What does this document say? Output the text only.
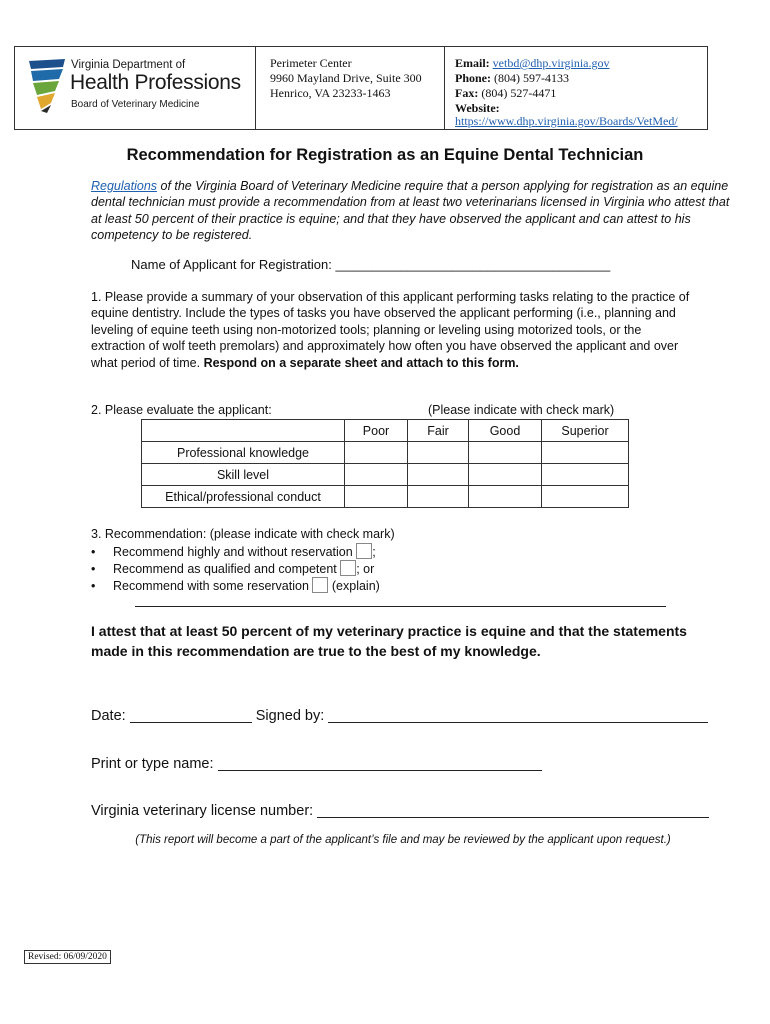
Virginia Department of
Health Professions
Board of Veterinary Medicine
Perimeter Center
9960 Mayland Drive, Suite 300
Henrico, VA 23233-1463
Email: vetbd@dhp.virginia.gov
Phone: (804) 597-4133
Fax: (804) 527-4471
Website:
https://www.dhp.virginia.gov/Boards/VetMed/
Recommendation for Registration as an Equine Dental Technician
Regulations of the Virginia Board of Veterinary Medicine require that a person applying for registration as an equine dental technician must provide a recommendation from at least two veterinarians licensed in Virginia who attest that at least 50 percent of their practice is equine; and that they have observed the applicant and can attest to his competency to be registered.
Name of Applicant for Registration: ______________________________________
1. Please provide a summary of your observation of this applicant performing tasks relating to the practice of equine dentistry. Include the types of tasks you have observed the applicant performing (i.e., planning and leveling of equine teeth using non-motorized tools; planning or leveling using motorized tools, or the extraction of wolf teeth premolars) and approximately how often you have observed the applicant and over what period of time. Respond on a separate sheet and attach to this form.
2. Please evaluate the applicant:	(Please indicate with check mark)
	Poor	Fair	Good	Superior
Professional knowledge				
Skill level				
Ethical/professional conduct				
3. Recommendation: (please indicate with check mark)
• Recommend highly and without reservation ;
• Recommend as qualified and competent ; or
• Recommend with some reservation  (explain)
I attest that at least 50 percent of my veterinary practice is equine and that the statements made in this recommendation are true to the best of my knowledge.
Date:	Signed by:
Print or type name:
Virginia veterinary license number:
(This report will become a part of the applicant’s file and may be reviewed by the applicant upon request.)
Revised: 06/09/2020
